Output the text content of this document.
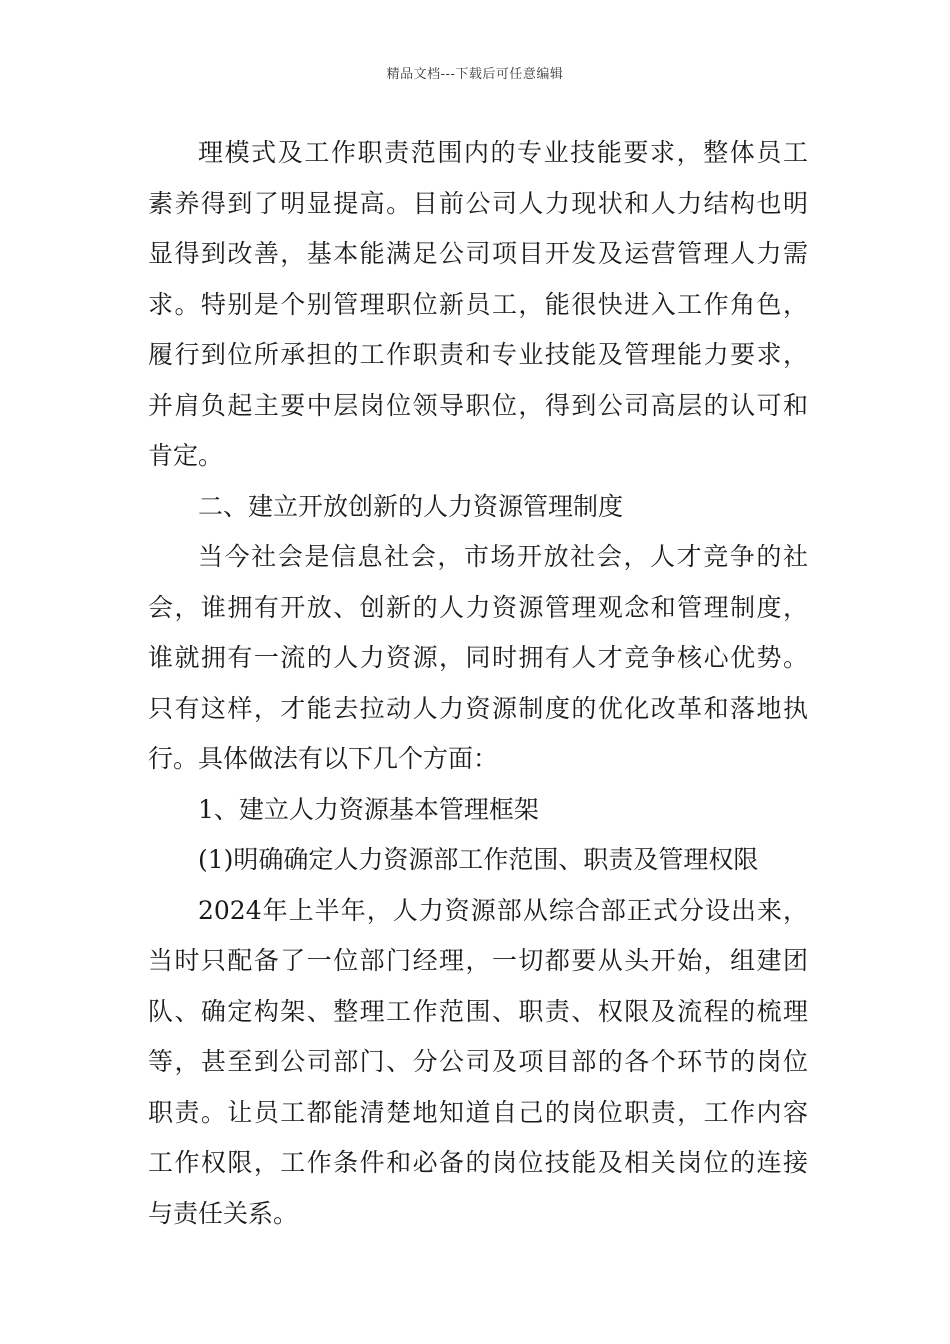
精品文档---下载后可任意编辑
理模式及工作职责范围内的专业技能要求，整体员工
素养得到了明显提高。目前公司人力现状和人力结构也明
显得到改善，基本能满足公司项目开发及运营管理人力需
求。特别是个别管理职位新员工，能很快进入工作角色，
履行到位所承担的工作职责和专业技能及管理能力要求，
并肩负起主要中层岗位领导职位，得到公司高层的认可和
肯定。
二、建立开放创新的人力资源管理制度
当今社会是信息社会，市场开放社会，人才竞争的社
会，谁拥有开放、创新的人力资源管理观念和管理制度，
谁就拥有一流的人力资源，同时拥有人才竞争核心优势。
只有这样，才能去拉动人力资源制度的优化改革和落地执
行。具体做法有以下几个方面：
1、建立人力资源基本管理框架
(1)明确确定人力资源部工作范围、职责及管理权限
2024年上半年，人力资源部从综合部正式分设出来，
当时只配备了一位部门经理，一切都要从头开始，组建团
队、确定构架、整理工作范围、职责、权限及流程的梳理
等，甚至到公司部门、分公司及项目部的各个环节的岗位
职责。让员工都能清楚地知道自己的岗位职责，工作内容
工作权限，工作条件和必备的岗位技能及相关岗位的连接
与责任关系。
